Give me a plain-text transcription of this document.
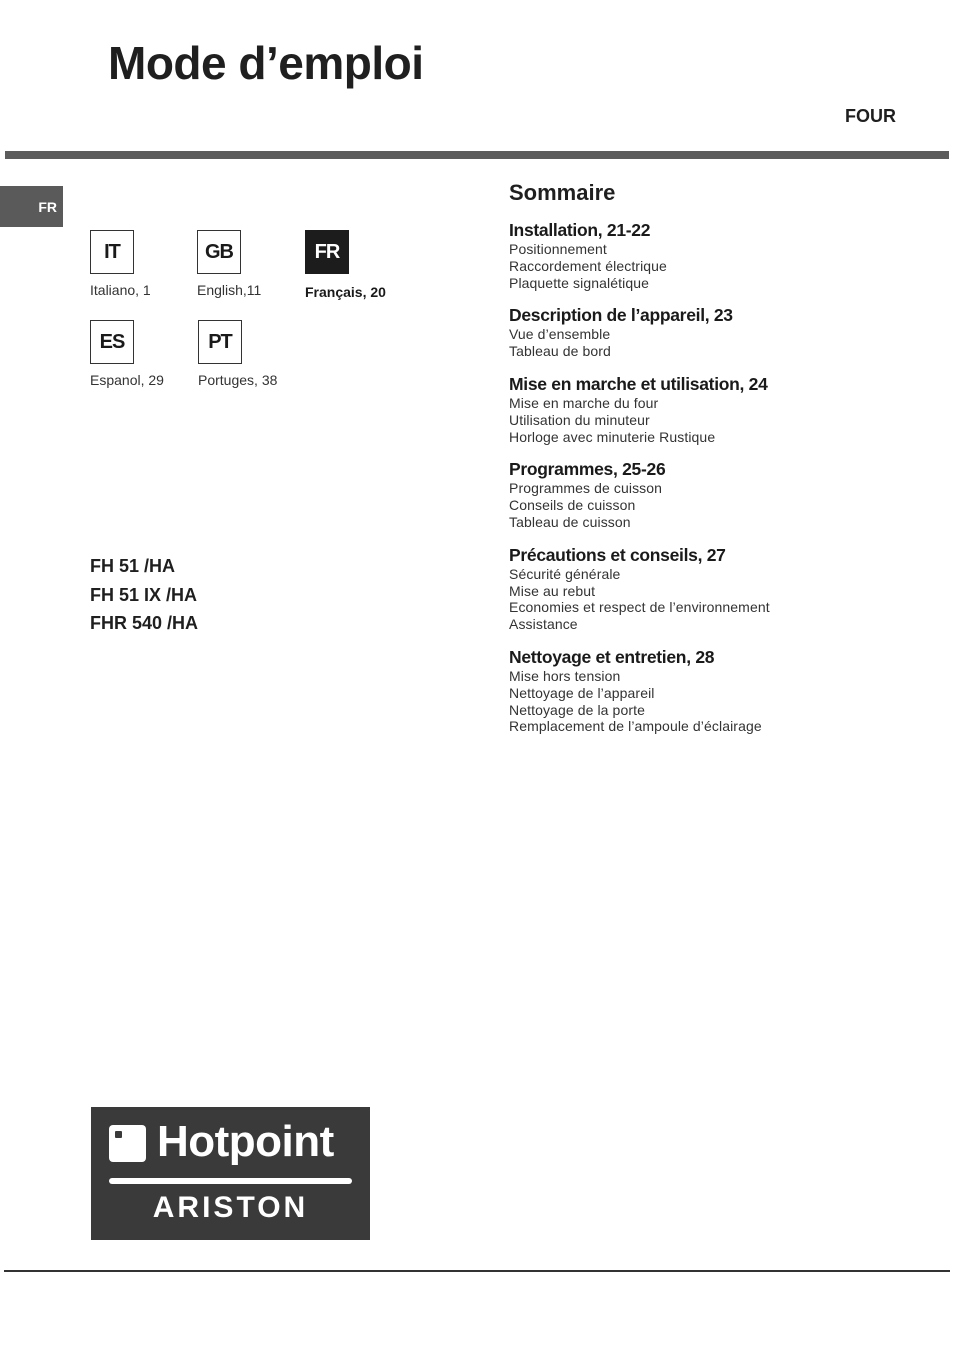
Mode d’emploi
FOUR
FR
IT
Italiano, 1
GB
English,11
FR
Français, 20
ES
Espanol, 29
PT
Portuges, 38
FH 51 /HA
FH 51 IX /HA
FHR 540 /HA
Sommaire
Installation, 21-22
Positionnement
Raccordement électrique
Plaquette signalétique
Description de l’appareil, 23
Vue d’ensemble
Tableau de bord
Mise en marche et utilisation, 24
Mise en marche du four
Utilisation du minuteur
Horloge avec minuterie Rustique
Programmes, 25-26
Programmes de cuisson
Conseils de cuisson
Tableau de cuisson
Précautions et conseils, 27
Sécurité générale
Mise au rebut
Economies et respect de l’environnement
Assistance
Nettoyage et entretien, 28
Mise hors tension
Nettoyage de l’appareil
Nettoyage de la porte
Remplacement de l’ampoule d’éclairage
Hotpoint
ARISTON
